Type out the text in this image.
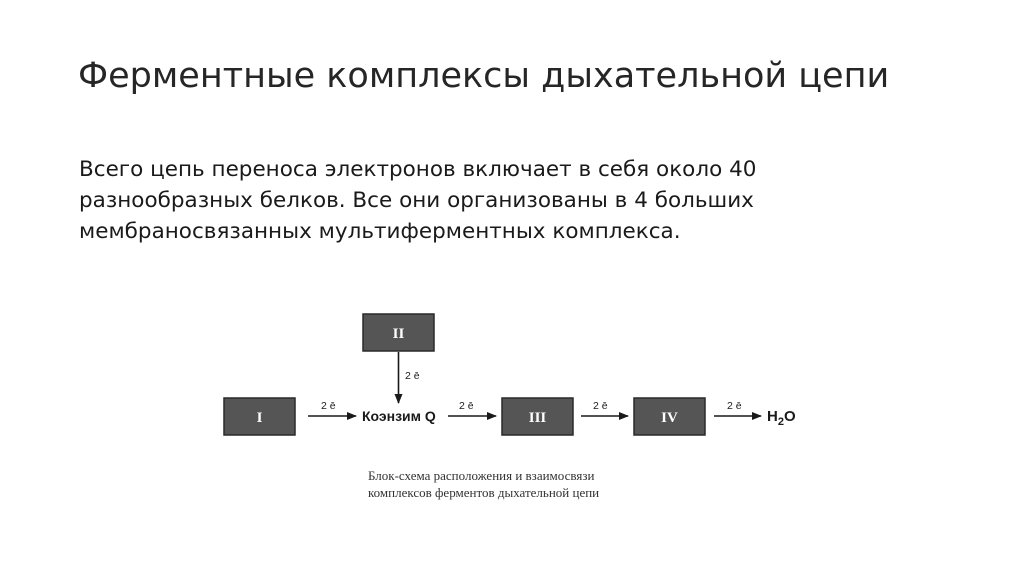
Ферментные комплексы дыхательной цепи

Всего цепь переноса электронов включает в себя около 40 разнообразных белков. Все они организованы в 4 больших мембраносвязанных мультиферментных комплекса.

II
I	III	IV
Коэнзим Q	$H_2O$
2 ē
2 ē	2 ē	2 ē	2 ē
Блок-схема расположения и взаимосвязи
комплексов ферментов дыхательной цепи
